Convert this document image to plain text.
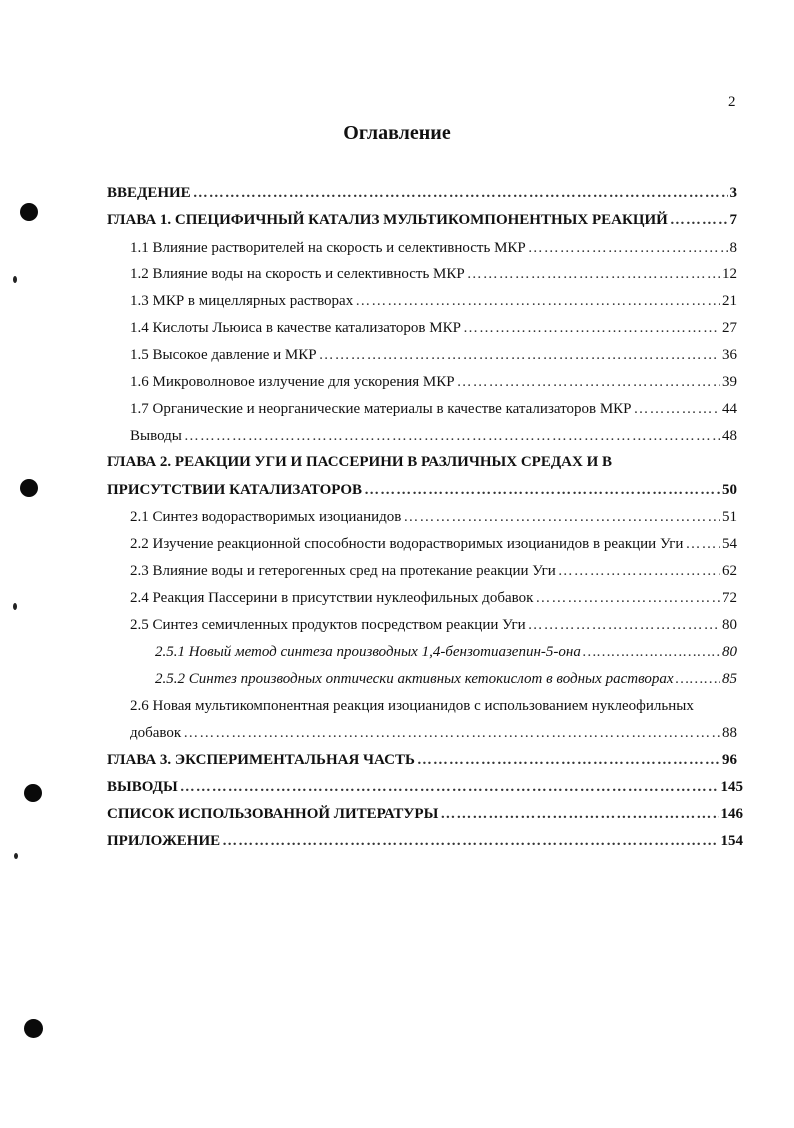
2
Оглавление
ВВЕДЕНИЕ …………………………………………………………………………………………………………………………………………………………………………………………………………………………	3
ГЛАВА 1. СПЕЦИФИЧНЫЙ КАТАЛИЗ МУЛЬТИКОМПОНЕНТНЫХ РЕАКЦИЙ …………………………………………………………………………………………………………………………………………………………………………………………………………………………	7
1.1 Влияние растворителей на скорость и селективность МКР …………………………………………………………………………………………………………………………………………………………………………………………………………………………	8
1.2 Влияние воды на скорость и селективность МКР …………………………………………………………………………………………………………………………………………………………………………………………………………………………	12
1.3 МКР в мицеллярных растворах …………………………………………………………………………………………………………………………………………………………………………………………………………………………	21
1.4 Кислоты Льюиса в качестве катализаторов МКР …………………………………………………………………………………………………………………………………………………………………………………………………………………………	27
1.5 Высокое давление и МКР …………………………………………………………………………………………………………………………………………………………………………………………………………………………	36
1.6 Микроволновое излучение для ускорения МКР …………………………………………………………………………………………………………………………………………………………………………………………………………………………	39
1.7 Органические и неорганические материалы в качестве катализаторов МКР …………………………………………………………………………………………………………………………………………………………………………………………………………………………	44
Выводы …………………………………………………………………………………………………………………………………………………………………………………………………………………………	48
ГЛАВА 2. РЕАКЦИИ УГИ И ПАССЕРИНИ В РАЗЛИЧНЫХ СРЕДАХ И В
ПРИСУТСТВИИ КАТАЛИЗАТОРОВ …………………………………………………………………………………………………………………………………………………………………………………………………………………………	50
2.1 Синтез водорастворимых изоцианидов …………………………………………………………………………………………………………………………………………………………………………………………………………………………	51
2.2 Изучение реакционной способности водорастворимых изоцианидов в реакции Уги …………………………………………………………………………………………………………………………………………………………………………………………………………………………	54
2.3 Влияние воды и гетерогенных сред на протекание реакции Уги …………………………………………………………………………………………………………………………………………………………………………………………………………………………	62
2.4 Реакция Пассерини в присутствии нуклеофильных добавок …………………………………………………………………………………………………………………………………………………………………………………………………………………………	72
2.5 Синтез семичленных продуктов посредством реакции Уги …………………………………………………………………………………………………………………………………………………………………………………………………………………………	80
2.5.1 Новый метод синтеза производных 1,4-бензотиазепин-5-она …………………………………………………………………………………………………………………………………………………………………………………………………………………………	80
2.5.2 Синтез производных оптически активных кетокислот в водных растворах …………………………………………………………………………………………………………………………………………………………………………………………………………………………	85
2.6 Новая мультикомпонентная реакция изоцианидов с использованием нуклеофильных
добавок …………………………………………………………………………………………………………………………………………………………………………………………………………………………	88
ГЛАВА 3. ЭКСПЕРИМЕНТАЛЬНАЯ ЧАСТЬ …………………………………………………………………………………………………………………………………………………………………………………………………………………………	96
ВЫВОДЫ …………………………………………………………………………………………………………………………………………………………………………………………………………………………	145
СПИСОК ИСПОЛЬЗОВАННОЙ ЛИТЕРАТУРЫ …………………………………………………………………………………………………………………………………………………………………………………………………………………………	146
ПРИЛОЖЕНИЕ …………………………………………………………………………………………………………………………………………………………………………………………………………………………	154
